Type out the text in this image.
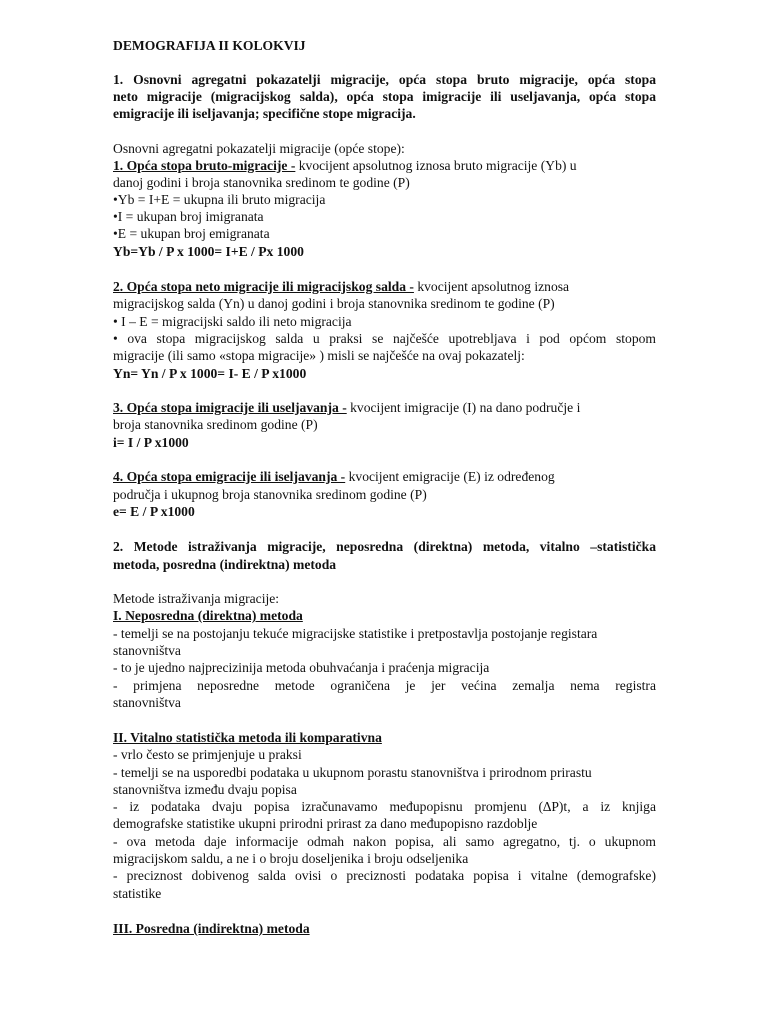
DEMOGRAFIJA II KOLOKVIJ
1. Osnovni agregatni pokazatelji migracije, opća stopa bruto migracije, opća stopa
neto migracije (migracijskog salda), opća stopa imigracije ili useljavanja, opća stopa
emigracije ili iseljavanja; specifične stope migracija.
Osnovni agregatni pokazatelji migracije (opće stope):
1. Opća stopa bruto-migracije - kvocijent apsolutnog iznosa bruto migracije (Yb) u
danoj godini i broja stanovnika sredinom te godine (P)
•Yb = I+E = ukupna ili bruto migracija
•I = ukupan broj imigranata
•E = ukupan broj emigranata
Yb=Yb / P x 1000= I+E / Px 1000
2. Opća stopa neto migracije ili migracijskog salda - kvocijent apsolutnog iznosa
migracijskog salda (Yn) u danoj godini i broja stanovnika sredinom te godine (P)
• I – E = migracijski saldo ili neto migracija
• ova stopa migracijskog salda u praksi se najčešće upotrebljava i pod općom stopom
migracije (ili samo «stopa migracije» ) misli se najčešće na ovaj pokazatelj:
Yn= Yn / P x 1000= I- E / P x1000
3. Opća stopa imigracije ili useljavanja - kvocijent imigracije (I) na dano područje i
broja stanovnika sredinom godine (P)
i= I / P x1000
4. Opća stopa emigracije ili iseljavanja - kvocijent emigracije (E) iz određenog
područja i ukupnog broja stanovnika sredinom godine (P)
e= E / P x1000
2. Metode istraživanja migracije, neposredna (direktna) metoda, vitalno –statistička
metoda, posredna (indirektna) metoda
Metode istraživanja migracije:
I. Neposredna (direktna) metoda
- temelji se na postojanju tekuće migracijske statistike i pretpostavlja postojanje registara
stanovništva
- to je ujedno najprecizinija metoda obuhvaćanja i praćenja migracija
- primjena neposredne metode ograničena je jer većina zemalja nema registra
stanovništva
II. Vitalno statistička metoda ili komparativna
- vrlo često se primjenjuje u praksi
- temelji se na usporedbi podataka u ukupnom porastu stanovništva i prirodnom prirastu
stanovništva između dvaju popisa
- iz podataka dvaju popisa izračunavamo međupopisnu promjenu (∆P)t, a iz knjiga
demografske statistike ukupni prirodni prirast za dano međupopisno razdoblje
- ova metoda daje informacije odmah nakon popisa, ali samo agregatno, tj. o ukupnom
migracijskom saldu, a ne i o broju doseljenika i broju odseljenika
- preciznost dobivenog salda ovisi o preciznosti podataka popisa i vitalne (demografske)
statistike
III. Posredna (indirektna) metoda
